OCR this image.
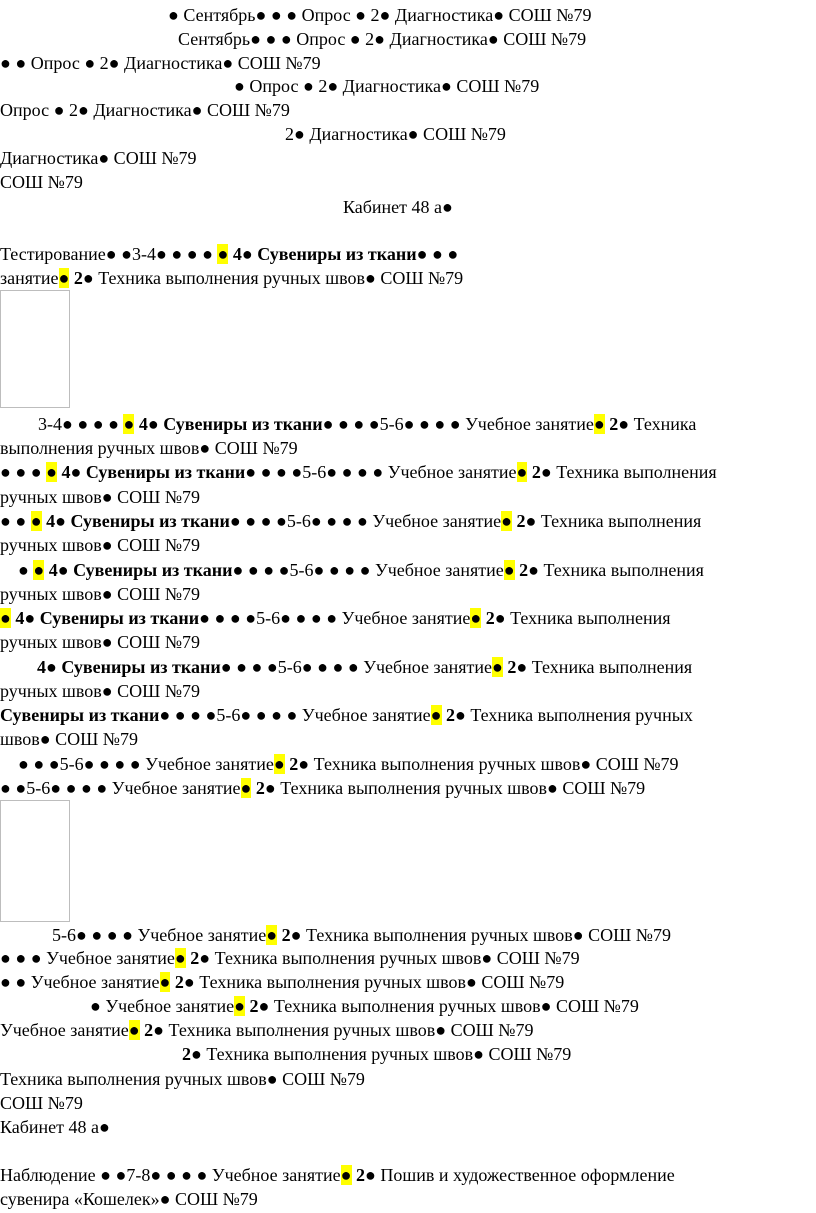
● Сентябрь● ● ● Опрос ● 2● Диагностика● СОШ №79
Сентябрь● ● ● Опрос ● 2● Диагностика● СОШ №79
● ● Опрос ● 2● Диагностика● СОШ №79
● Опрос ● 2● Диагностика● СОШ №79
Опрос ● 2● Диагностика● СОШ №79
2● Диагностика● СОШ №79
Диагностика● СОШ №79
СОШ №79
Кабинет 48 а●
Тестирование● ●3-4● ● ● ● ● 4● Сувениры из ткани● ● ●
занятие● 2● Техника выполнения ручных швов● СОШ №79
3-4● ● ● ● ● 4● Сувениры из ткани● ● ● ●5-6● ● ● ● Учебное занятие● 2● Техника
выполнения ручных швов● СОШ №79
● ● ● ● 4● Сувениры из ткани● ● ● ●5-6● ● ● ● Учебное занятие● 2● Техника выполнения
ручных швов● СОШ №79
● ● ● 4● Сувениры из ткани● ● ● ●5-6● ● ● ● Учебное занятие● 2● Техника выполнения
ручных швов● СОШ №79
● ● 4● Сувениры из ткани● ● ● ●5-6● ● ● ● Учебное занятие● 2● Техника выполнения
ручных швов● СОШ №79
● 4● Сувениры из ткани● ● ● ●5-6● ● ● ● Учебное занятие● 2● Техника выполнения
ручных швов● СОШ №79
4● Сувениры из ткани● ● ● ●5-6● ● ● ● Учебное занятие● 2● Техника выполнения
ручных швов● СОШ №79
Сувениры из ткани● ● ● ●5-6● ● ● ● Учебное занятие● 2● Техника выполнения ручных
швов● СОШ №79
● ● ●5-6● ● ● ● Учебное занятие● 2● Техника выполнения ручных швов● СОШ №79
● ●5-6● ● ● ● Учебное занятие● 2● Техника выполнения ручных швов● СОШ №79
5-6● ● ● ● Учебное занятие● 2● Техника выполнения ручных швов● СОШ №79
● ● ● Учебное занятие● 2● Техника выполнения ручных швов● СОШ №79
● ● Учебное занятие● 2● Техника выполнения ручных швов● СОШ №79
● Учебное занятие● 2● Техника выполнения ручных швов● СОШ №79
Учебное занятие● 2● Техника выполнения ручных швов● СОШ №79
2● Техника выполнения ручных швов● СОШ №79
Техника выполнения ручных швов● СОШ №79
СОШ №79
Кабинет 48 а●
Наблюдение ● ●7-8● ● ● ● Учебное занятие● 2● Пошив и художественное оформление
сувенира «Кошелек»● СОШ №79
